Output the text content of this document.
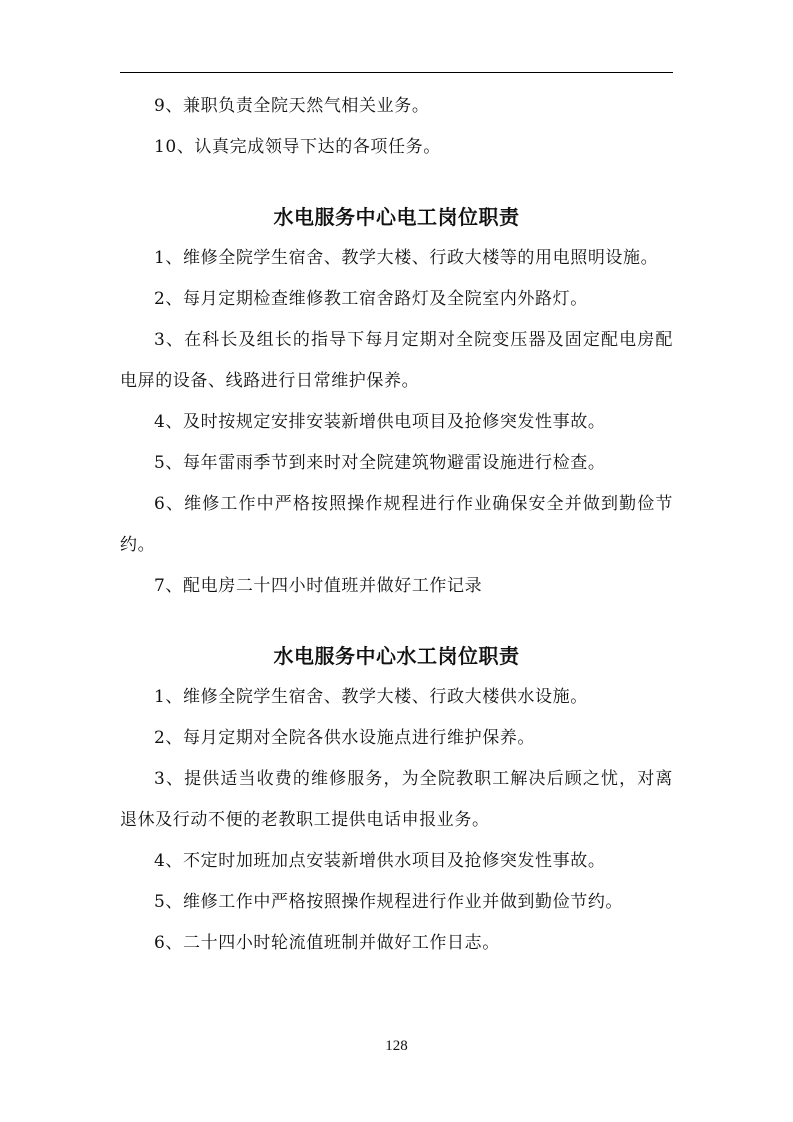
9、兼职负责全院天然气相关业务。

10、认真完成领导下达的各项任务。

水电服务中心电工岗位职责

1、维修全院学生宿舍、教学大楼、行政大楼等的用电照明设施。

2、每月定期检查维修教工宿舍路灯及全院室内外路灯。

3、在科长及组长的指导下每月定期对全院变压器及固定配电房配电屏的设备、线路进行日常维护保养。

4、及时按规定安排安装新增供电项目及抢修突发性事故。

5、每年雷雨季节到来时对全院建筑物避雷设施进行检查。

6、维修工作中严格按照操作规程进行作业确保安全并做到勤俭节约。

7、配电房二十四小时值班并做好工作记录

水电服务中心水工岗位职责

1、维修全院学生宿舍、教学大楼、行政大楼供水设施。

2、每月定期对全院各供水设施点进行维护保养。

3、提供适当收费的维修服务，为全院教职工解决后顾之忧，对离退休及行动不便的老教职工提供电话申报业务。

4、不定时加班加点安装新增供水项目及抢修突发性事故。

5、维修工作中严格按照操作规程进行作业并做到勤俭节约。

6、二十四小时轮流值班制并做好工作日志。

128
